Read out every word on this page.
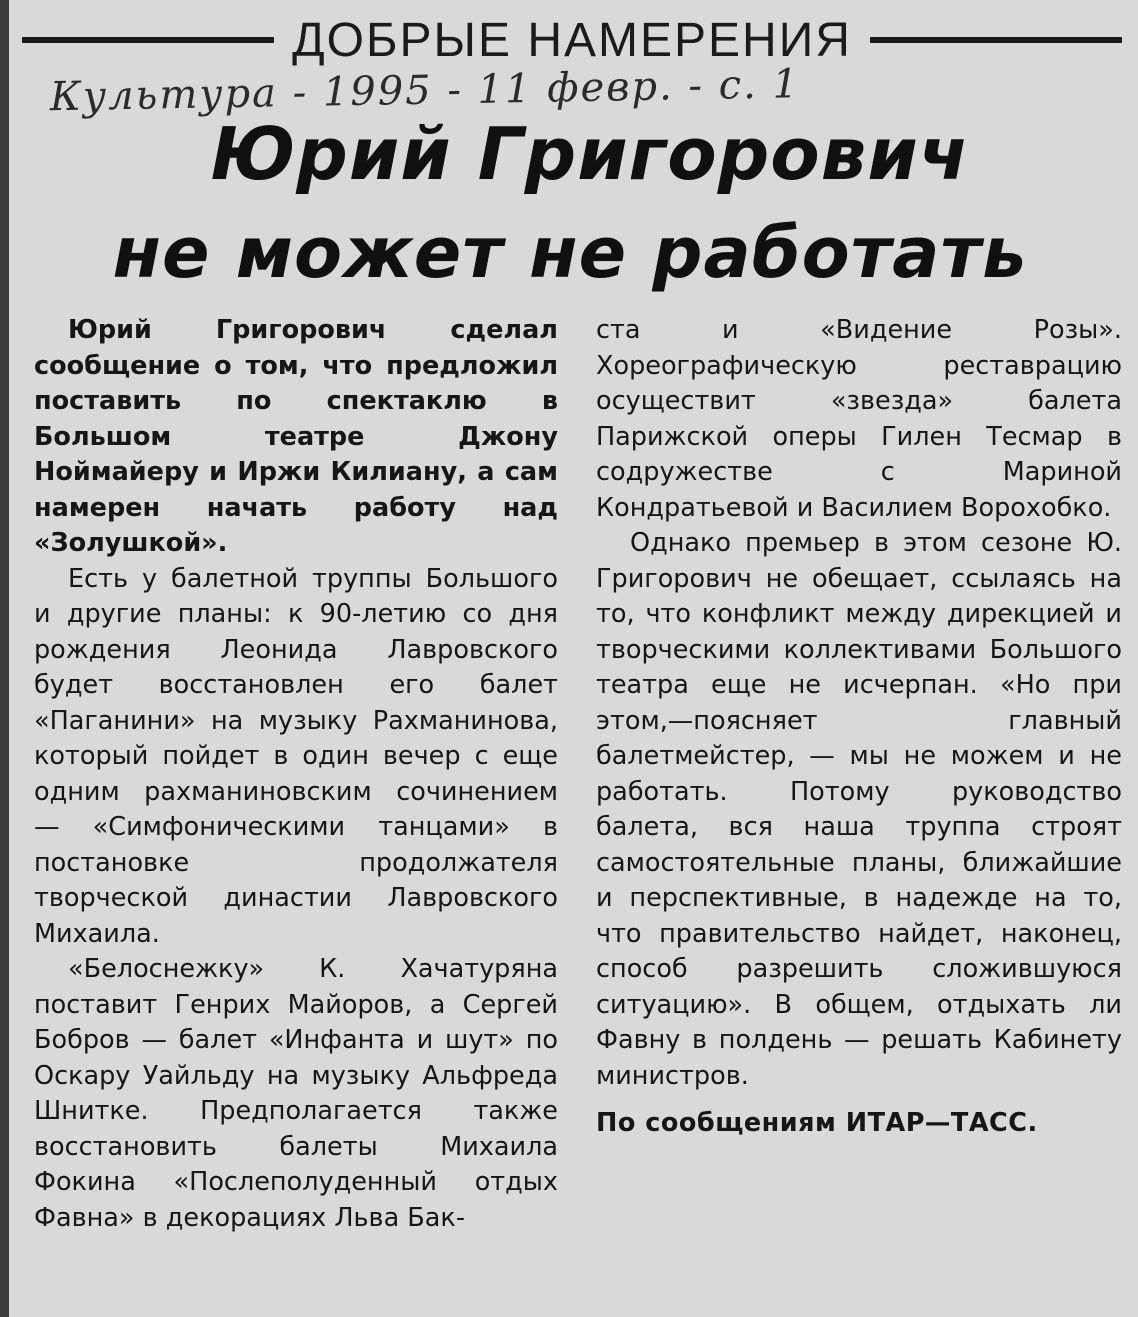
ДОБРЫЕ НАМЕРЕНИЯ
Культура - 1995 - 11 февр. - с. 1
Юрий Григорович
не может не работать

Юрий Григорович сделал сообщение о том, что предложил поставить по спектаклю в Большом театре Джону Ноймайеру и Иржи Килиану, а сам намерен начать работу над «Золушкой».

Есть у балетной труппы Большого и другие планы: к 90-летию со дня рождения Леонида Лавровского будет восстановлен его балет «Паганини» на музыку Рахманинова, который пойдет в один вечер с еще одним рахманиновским сочинением — «Симфоническими танцами» в постановке продолжателя творческой династии Лавровского Михаила.

«Белоснежку» К. Хачатуряна поставит Генрих Майоров, а Сергей Бобров — балет «Инфанта и шут» по Оскару Уайльду на музыку Альфреда Шнитке. Предполагается также восстановить балеты Михаила Фокина «Послеполуденный отдых Фавна» в декорациях Льва Бак-

ста и «Видение Розы». Хореографическую реставрацию осуществит «звезда» балета Парижской оперы Гилен Тесмар в содружестве с Мариной Кондратьевой и Василием Ворохобко.

Однако премьер в этом сезоне Ю. Григорович не обещает, ссылаясь на то, что конфликт между дирекцией и творческими коллективами Большого театра еще не исчерпан. «Но при этом,—поясняет главный балетмейстер, — мы не можем и не работать. Потому руководство балета, вся наша труппа строят самостоятельные планы, ближайшие и перспективные, в надежде на то, что правительство найдет, наконец, способ разрешить сложившуюся ситуацию». В общем, отдыхать ли Фавну в полдень — решать Кабинету министров.

По сообщениям ИТАР—ТАСС.
